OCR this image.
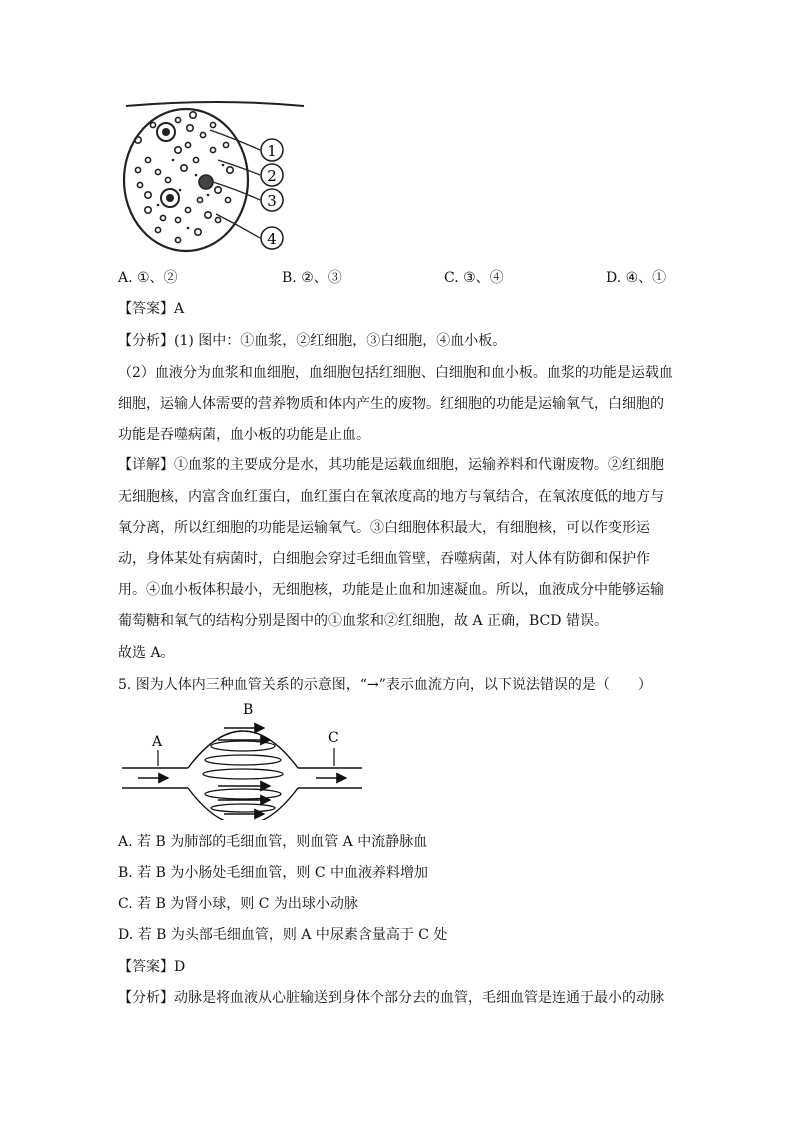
1
2
3
4
A. ①、②	B. ②、③	C. ③、④	D. ④、①
【答案】A
【分析】(1) 图中：①血浆，②红细胞，③白细胞，④血小板。
（2）血液分为血浆和血细胞，血细胞包括红细胞、白细胞和血小板。血浆的功能是运载血
细胞，运输人体需要的营养物质和体内产生的废物。红细胞的功能是运输氧气，白细胞的
功能是吞噬病菌，血小板的功能是止血。
【详解】①血浆的主要成分是水，其功能是运载血细胞，运输养料和代谢废物。②红细胞
无细胞核，内富含血红蛋白，血红蛋白在氧浓度高的地方与氧结合，在氧浓度低的地方与
氧分离，所以红细胞的功能是运输氧气。③白细胞体积最大，有细胞核，可以作变形运
动，身体某处有病菌时，白细胞会穿过毛细血管壁，吞噬病菌，对人体有防御和保护作
用。④血小板体积最小，无细胞核，功能是止血和加速凝血。所以，血液成分中能够运输
葡萄糖和氧气的结构分别是图中的①血浆和②红细胞，故 A 正确，BCD 错误。
故选 A。
5. 图为人体内三种血管关系的示意图，“→”表示血流方向，以下说法错误的是（　　）
A
B
C
A. 若 B 为肺部的毛细血管，则血管 A 中流静脉血
B. 若 B 为小肠处毛细血管，则 C 中血液养料增加
C. 若 B 为肾小球，则 C 为出球小动脉
D. 若 B 为头部毛细血管，则 A 中尿素含量高于 C 处
【答案】D
【分析】动脉是将血液从心脏输送到身体个部分去的血管，毛细血管是连通于最小的动脉
